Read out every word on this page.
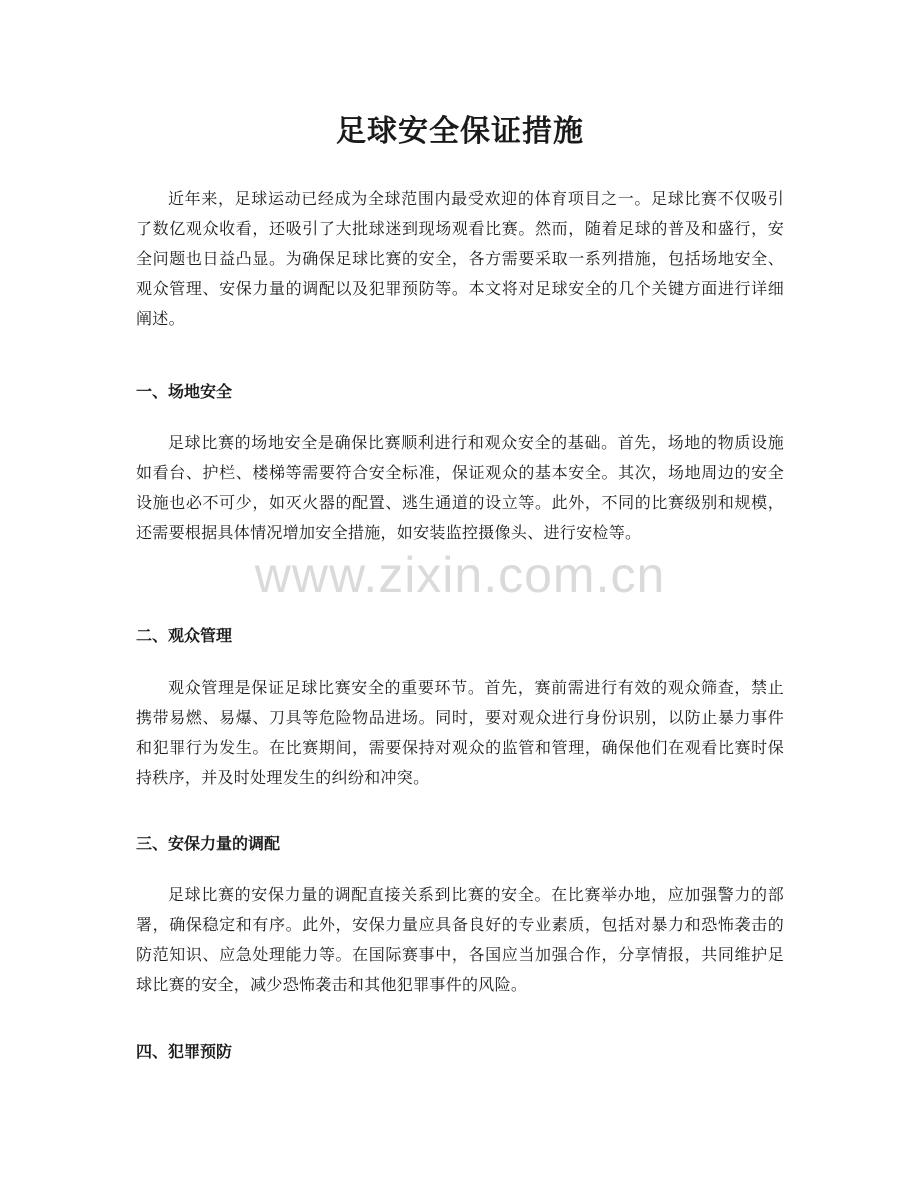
足球安全保证措施

近年来，足球运动已经成为全球范围内最受欢迎的体育项目之一。足球比赛不仅吸引了数亿观众收看，还吸引了大批球迷到现场观看比赛。然而，随着足球的普及和盛行，安全问题也日益凸显。为确保足球比赛的安全，各方需要采取一系列措施，包括场地安全、观众管理、安保力量的调配以及犯罪预防等。本文将对足球安全的几个关键方面进行详细阐述。

一、场地安全

足球比赛的场地安全是确保比赛顺利进行和观众安全的基础。首先，场地的物质设施如看台、护栏、楼梯等需要符合安全标准，保证观众的基本安全。其次，场地周边的安全设施也必不可少，如灭火器的配置、逃生通道的设立等。此外，不同的比赛级别和规模，还需要根据具体情况增加安全措施，如安装监控摄像头、进行安检等。

二、观众管理

观众管理是保证足球比赛安全的重要环节。首先，赛前需进行有效的观众筛查，禁止携带易燃、易爆、刀具等危险物品进场。同时，要对观众进行身份识别，以防止暴力事件和犯罪行为发生。在比赛期间，需要保持对观众的监管和管理，确保他们在观看比赛时保持秩序，并及时处理发生的纠纷和冲突。

三、安保力量的调配

足球比赛的安保力量的调配直接关系到比赛的安全。在比赛举办地，应加强警力的部署，确保稳定和有序。此外，安保力量应具备良好的专业素质，包括对暴力和恐怖袭击的防范知识、应急处理能力等。在国际赛事中，各国应当加强合作，分享情报，共同维护足球比赛的安全，减少恐怖袭击和其他犯罪事件的风险。

四、犯罪预防
www.zixin.com.cn
